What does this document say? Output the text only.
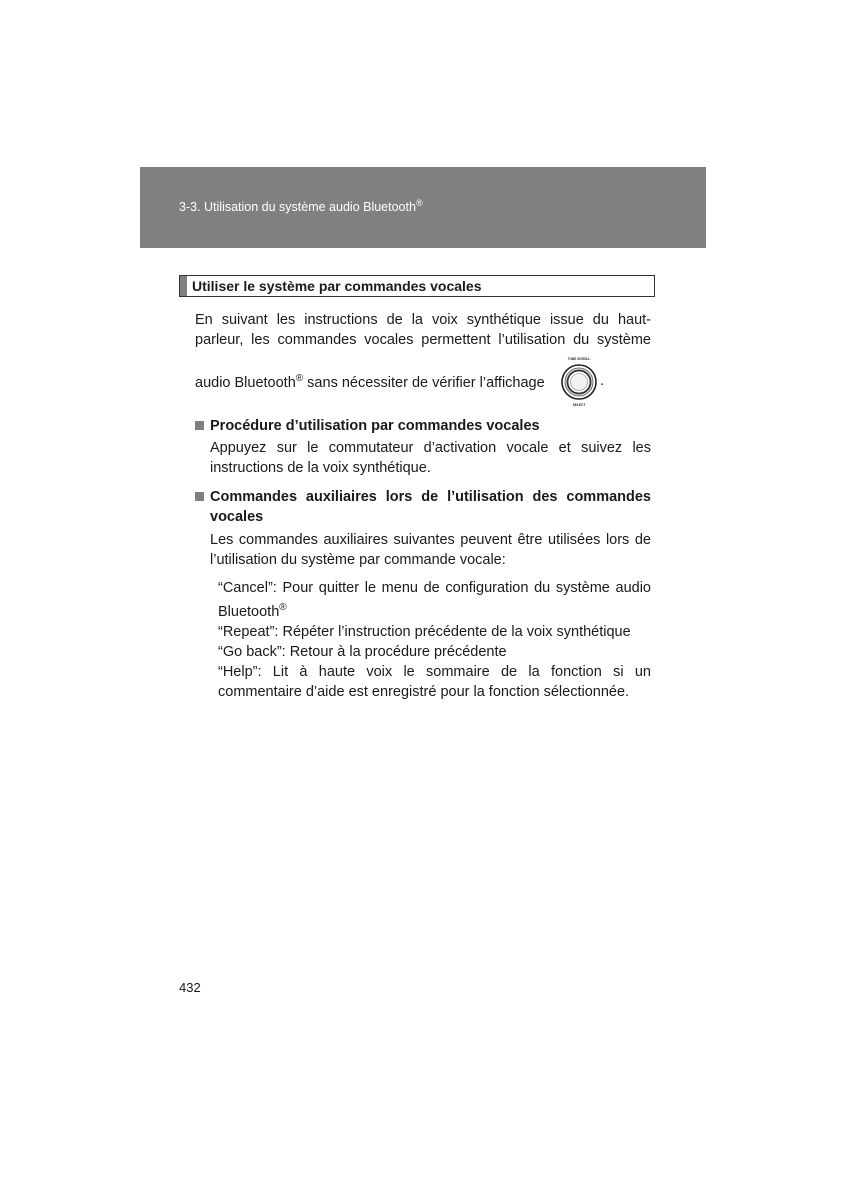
3-3. Utilisation du système audio Bluetooth®
Utiliser le système par commandes vocales
En suivant les instructions de la voix synthétique issue du haut-
parleur, les commandes vocales permettent l’utilisation du système
audio Bluetooth® sans nécessiter de vérifier l’affichage
TUNE SCROLL
SELECT
.
Procédure d’utilisation par commandes vocales
Appuyez sur le commutateur d’activation vocale et suivez les instructions de la voix synthétique.
Commandes auxiliaires lors de l’utilisation des commandes vocales
Les commandes auxiliaires suivantes peuvent être utilisées lors de l’utilisation du système par commande vocale:
“Cancel”: Pour quitter le menu de configuration du système audio Bluetooth®
“Repeat”: Répéter l’instruction précédente de la voix synthétique
“Go back”: Retour à la procédure précédente
“Help”: Lit à haute voix le sommaire de la fonction si un commentaire d’aide est enregistré pour la fonction sélectionnée.
432
